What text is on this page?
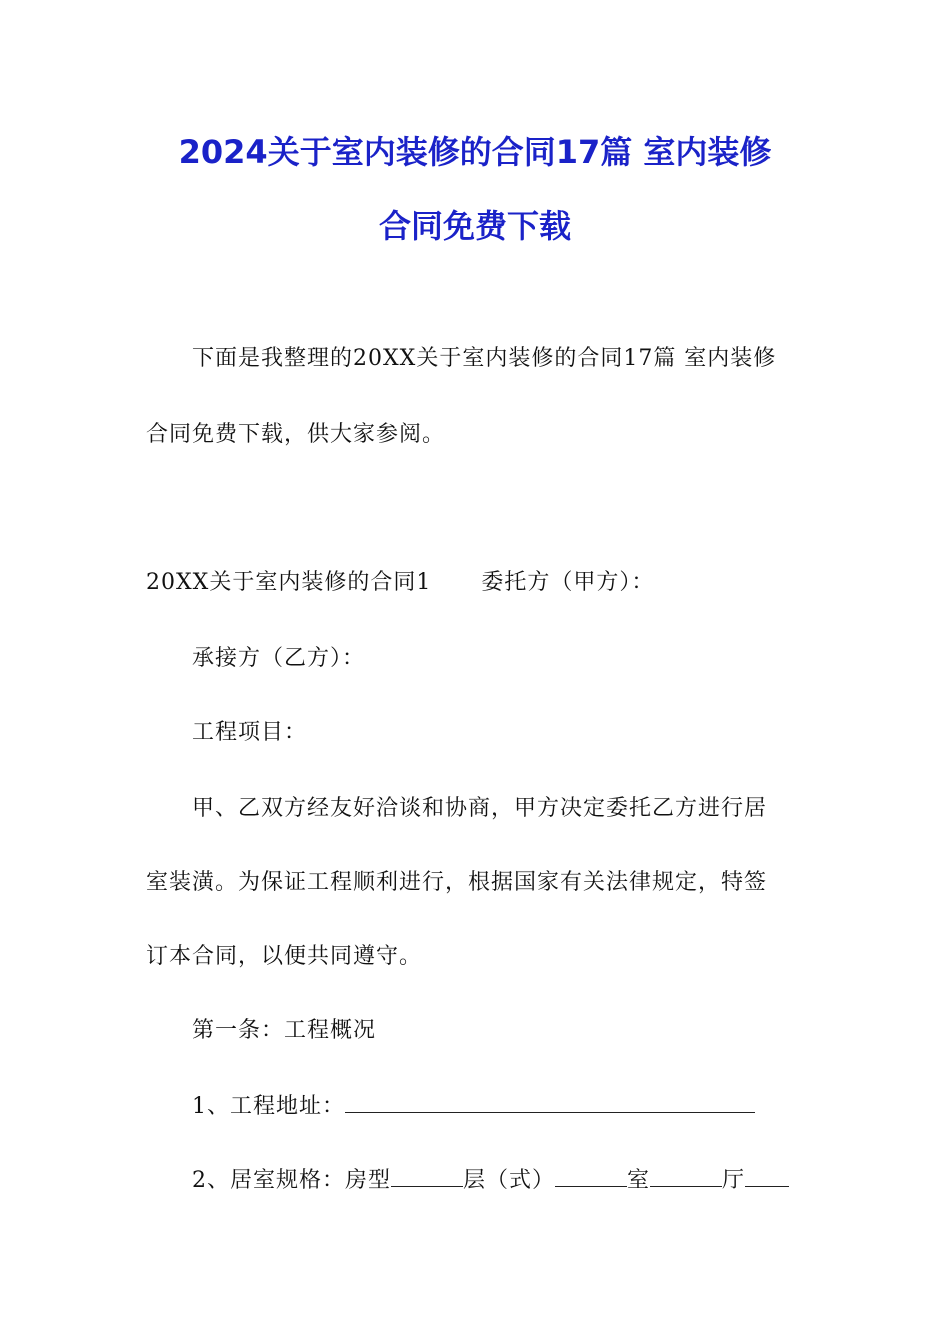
2024关于室内装修的合同17篇 室内装修
合同免费下载
下面是我整理的20XX关于室内装修的合同17篇 室内装修
合同免费下载，供大家参阅。
20XX关于室内装修的合同1 委托方（甲方）：
承接方（乙方）：
工程项目：
甲、乙双方经友好洽谈和协商，甲方决定委托乙方进行居
室装潢。为保证工程顺利进行，根据国家有关法律规定，特签
订本合同，以便共同遵守。
第一条：工程概况
1、工程地址：
2、居室规格：房型	层（式）	室	厅
